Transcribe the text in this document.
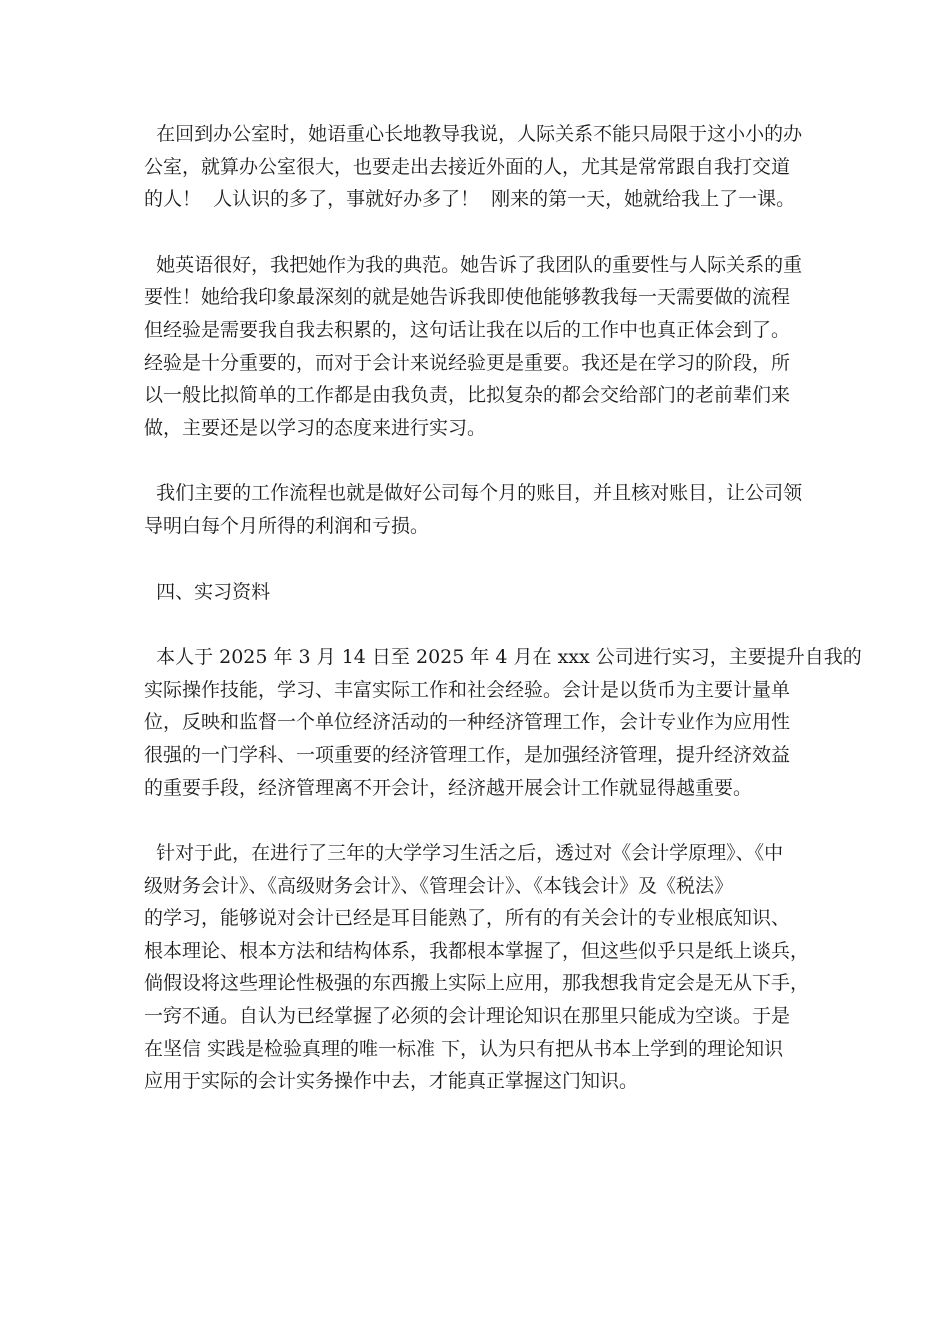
在回到办公室时，她语重心长地教导我说，人际关系不能只局限于这小小的办
公室，就算办公室很大，也要走出去接近外面的人，尤其是常常跟自我打交道
的人！  人认识的多了，事就好办多了！  刚来的第一天，她就给我上了一课。
她英语很好，我把她作为我的典范。她告诉了我团队的重要性与人际关系的重
要性！她给我印象最深刻的就是她告诉我即使他能够教我每一天需要做的流程
但经验是需要我自我去积累的，这句话让我在以后的工作中也真正体会到了。
经验是十分重要的，而对于会计来说经验更是重要。我还是在学习的阶段，所
以一般比拟简单的工作都是由我负责，比拟复杂的都会交给部门的老前辈们来
做，主要还是以学习的态度来进行实习。
我们主要的工作流程也就是做好公司每个月的账目，并且核对账目，让公司领
导明白每个月所得的利润和亏损。
四、实习资料
本人于 2025 年 3 月 14 日至 2025 年 4 月在 xxx 公司进行实习，主要提升自我的
实际操作技能，学习、丰富实际工作和社会经验。会计是以货币为主要计量单
位，反映和监督一个单位经济活动的一种经济管理工作，会计专业作为应用性
很强的一门学科、一项重要的经济管理工作，是加强经济管理，提升经济效益
的重要手段，经济管理离不开会计，经济越开展会计工作就显得越重要。
针对于此，在进行了三年的大学学习生活之后，透过对《会计学原理》、《中
级财务会计》、《高级财务会计》、《管理会计》、《本钱会计》及《税法》
的学习，能够说对会计已经是耳目能熟了，所有的有关会计的专业根底知识、
根本理论、根本方法和结构体系，我都根本掌握了，但这些似乎只是纸上谈兵，
倘假设将这些理论性极强的东西搬上实际上应用，那我想我肯定会是无从下手，
一窍不通。自认为已经掌握了必须的会计理论知识在那里只能成为空谈。于是
在坚信 实践是检验真理的唯一标准 下，认为只有把从书本上学到的理论知识
应用于实际的会计实务操作中去，才能真正掌握这门知识。
